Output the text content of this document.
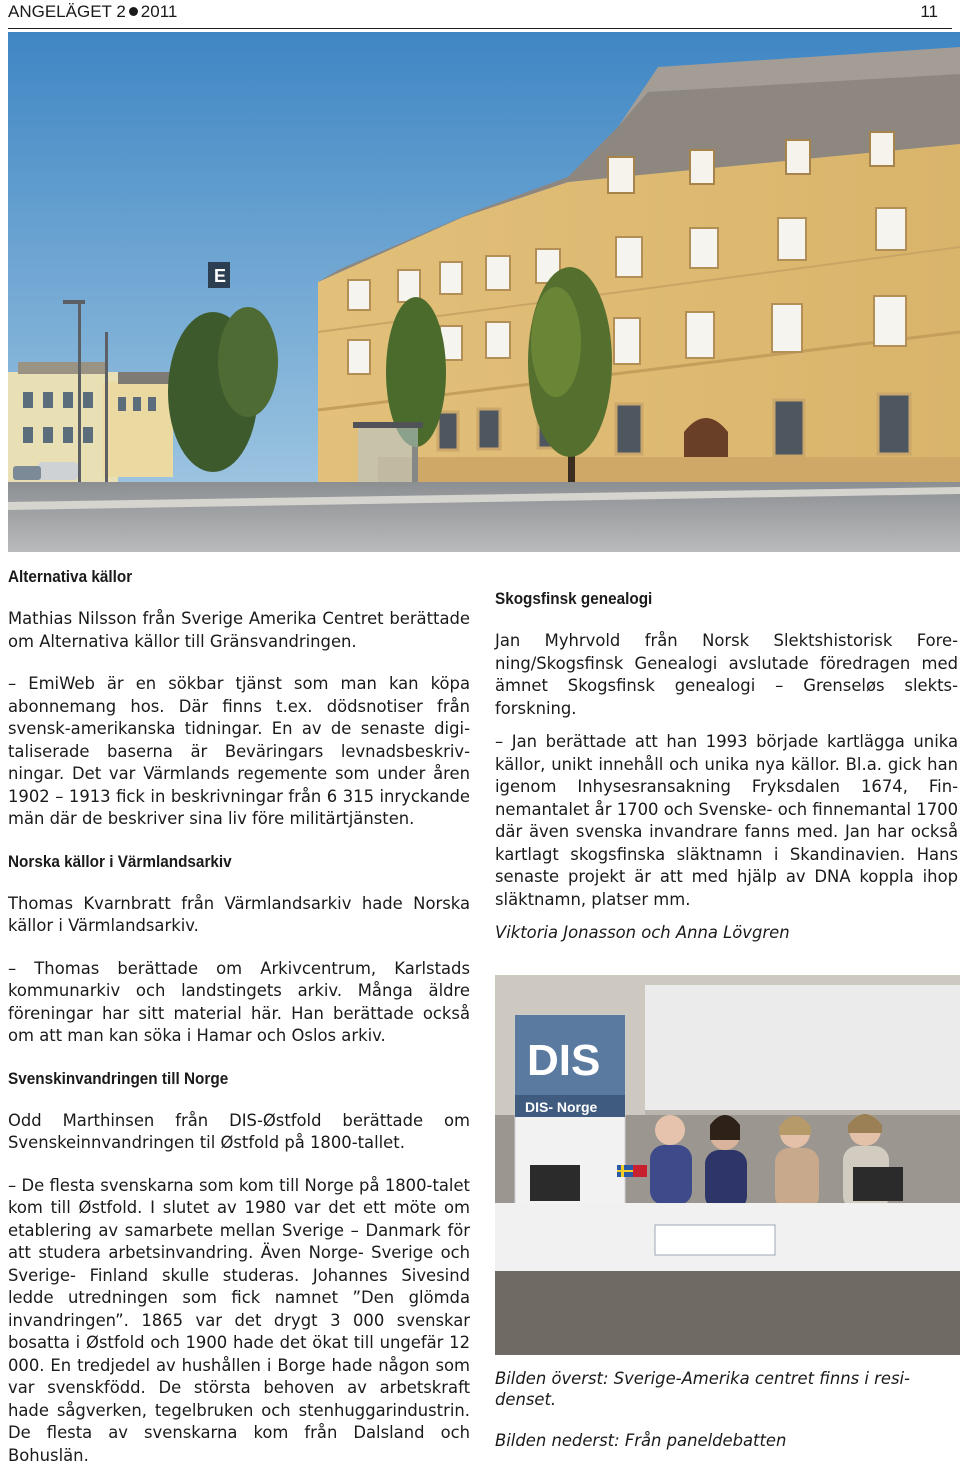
ANGELÄGET 2 2011	11
E
Alternativa källor

Mathias Nilsson från Sverige Amerika Centret berättade om Alternativa källor till Gränsvandringen.

– EmiWeb är en sökbar tjänst som man kan köpa abonnemang hos. Där finns t.ex. dödsnotiser från svensk-amerikanska tidningar. En av de senaste digitaliserade baserna är Beväringars levnadsbeskrivningar. Det var Värmlands regemente som under åren 1902 – 1913 fick in beskrivningar från 6 315 inryckande män där de beskriver sina liv före militärtjänsten.

Norska källor i Värmlandsarkiv

Thomas Kvarnbratt från Värmlandsarkiv hade Norska källor i Värmlandsarkiv.

– Thomas berättade om Arkivcentrum, Karlstads kommunarkiv och landstingets arkiv. Många äldre föreningar har sitt material här. Han berättade också om att man kan söka i Hamar och Oslos arkiv.

Svenskinvandringen till Norge

Odd Marthinsen från DIS-Østfold berättade om Svenskeinnvandringen til Østfold på 1800-tallet.

– De flesta svenskarna som kom till Norge på 1800-talet kom till Østfold. I slutet av 1980 var det ett möte om etablering av samarbete mellan Sverige – Danmark för att studera arbetsinvandring. Även Norge- Sverige och Sverige- Finland skulle studeras. Johannes Sivesind ledde utredningen som fick namnet ”Den glömda invandringen”. 1865 var det drygt 3 000 svenskar bosatta i Østfold och 1900 hade det ökat till ungefär 12 000. En tredjedel av hushållen i Borge hade någon som var svenskfödd. De största behoven av arbetskraft hade sågverken, tegelbruken och stenhuggarindustrin. De flesta av svenskarna kom från Dalsland och Bohuslän.

Skogsfinsk genealogi

Jan Myhrvold från Norsk Slektshistorisk Forening/Skogsfinsk Genealogi avslutade föredragen med ämnet Skogsfinsk genealogi – Grenseløs slektsforskning.

– Jan berättade att han 1993 började kartlägga unika källor, unikt innehåll och unika nya källor. Bl.a. gick han igenom Inhysesransakning Fryksdalen 1674, Finnemantalet år 1700 och Svenske- och finnemantal 1700 där även svenska invandrare fanns med. Jan har också kartlagt skogsfinska släktnamn i Skandinavien. Hans senaste projekt är att med hjälp av DNA koppla ihop släktnamn, platser mm.

Viktoria Jonasson och Anna Lövgren

DIS
DIS- Norge
Bilden överst: Sverige-Amerika centret finns i residenset.
Bilden nederst: Från paneldebatten
